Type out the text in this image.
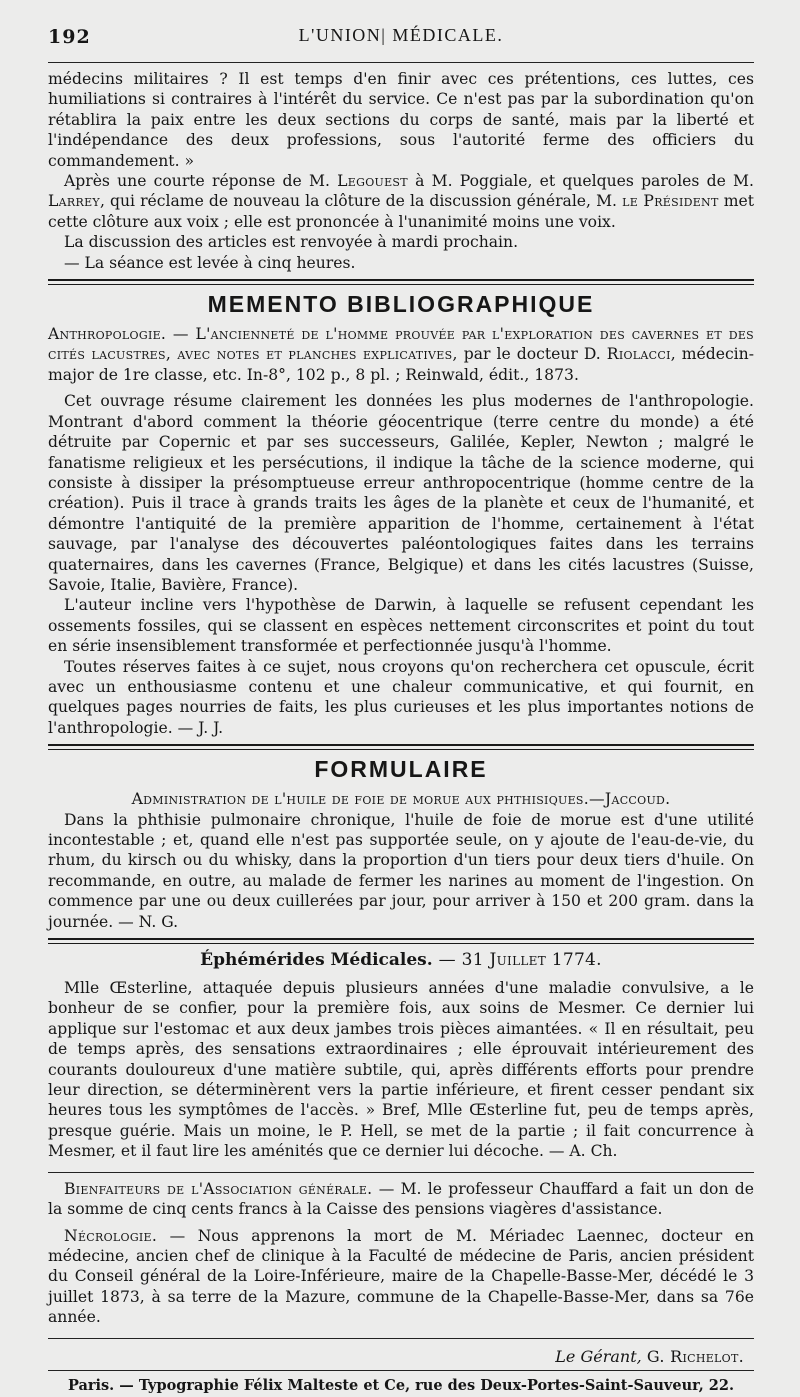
192	L'UNION| MÉDICALE.

médecins militaires ? Il est temps d'en finir avec ces prétentions, ces luttes, ces humiliations si contraires à l'intérêt du service. Ce n'est pas par la subordination qu'on rétablira la paix entre les deux sections du corps de santé, mais par la liberté et l'indépendance des deux professions, sous l'autorité ferme des officiers du commandement. »

Après une courte réponse de M. Legouest à M. Poggiale, et quelques paroles de M. Larrey, qui réclame de nouveau la clôture de la discussion générale, M. le Président met cette clôture aux voix ; elle est prononcée à l'unanimité moins une voix.

La discussion des articles est renvoyée à mardi prochain.

— La séance est levée à cinq heures.

MEMENTO BIBLIOGRAPHIQUE

Anthropologie. — L'ancienneté de l'homme prouvée par l'exploration des cavernes et des cités lacustres, avec notes et planches explicatives, par le docteur D. Riolacci, médecin-major de 1re classe, etc. In-8°, 102 p., 8 pl. ; Reinwald, édit., 1873.

Cet ouvrage résume clairement les données les plus modernes de l'anthropologie. Montrant d'abord comment la théorie géocentrique (terre centre du monde) a été détruite par Copernic et par ses successeurs, Galilée, Kepler, Newton ; malgré le fanatisme religieux et les persécutions, il indique la tâche de la science moderne, qui consiste à dissiper la présomptueuse erreur anthropocentrique (homme centre de la création). Puis il trace à grands traits les âges de la planète et ceux de l'humanité, et démontre l'antiquité de la première apparition de l'homme, certainement à l'état sauvage, par l'analyse des découvertes paléontologiques faites dans les terrains quaternaires, dans les cavernes (France, Belgique) et dans les cités lacustres (Suisse, Savoie, Italie, Bavière, France).

L'auteur incline vers l'hypothèse de Darwin, à laquelle se refusent cependant les ossements fossiles, qui se classent en espèces nettement circonscrites et point du tout en série insensiblement transformée et perfectionnée jusqu'à l'homme.

Toutes réserves faites à ce sujet, nous croyons qu'on recherchera cet opuscule, écrit avec un enthousiasme contenu et une chaleur communicative, et qui fournit, en quelques pages nourries de faits, les plus curieuses et les plus importantes notions de l'anthropologie. — J. J.

FORMULAIRE

Administration de l'huile de foie de morue aux phthisiques.—Jaccoud.

Dans la phthisie pulmonaire chronique, l'huile de foie de morue est d'une utilité incontestable ; et, quand elle n'est pas supportée seule, on y ajoute de l'eau-de-vie, du rhum, du kirsch ou du whisky, dans la proportion d'un tiers pour deux tiers d'huile. On recommande, en outre, au malade de fermer les narines au moment de l'ingestion. On commence par une ou deux cuillerées par jour, pour arriver à 150 et 200 gram. dans la journée. — N. G.

Éphémérides Médicales. — 31 Juillet 1774.

Mlle Œsterline, attaquée depuis plusieurs années d'une maladie convulsive, a le bonheur de se confier, pour la première fois, aux soins de Mesmer. Ce dernier lui applique sur l'estomac et aux deux jambes trois pièces aimantées. « Il en résultait, peu de temps après, des sensations extraordinaires ; elle éprouvait intérieurement des courants douloureux d'une matière subtile, qui, après différents efforts pour prendre leur direction, se déterminèrent vers la partie inférieure, et firent cesser pendant six heures tous les symptômes de l'accès. » Bref, Mlle Œsterline fut, peu de temps après, presque guérie. Mais un moine, le P. Hell, se met de la partie ; il fait concurrence à Mesmer, et il faut lire les aménités que ce dernier lui décoche. — A. Ch.

Bienfaiteurs de l'Association générale. — M. le professeur Chauffard a fait un don de la somme de cinq cents francs à la Caisse des pensions viagères d'assistance.

Nécrologie. — Nous apprenons la mort de M. Mériadec Laennec, docteur en médecine, ancien chef de clinique à la Faculté de médecine de Paris, ancien président du Conseil général de la Loire-Inférieure, maire de la Chapelle-Basse-Mer, décédé le 3 juillet 1873, à sa terre de la Mazure, commune de la Chapelle-Basse-Mer, dans sa 76e année.

Le Gérant, G. Richelot.
Paris. — Typographie Félix Malteste et Ce, rue des Deux-Portes-Saint-Sauveur, 22.
